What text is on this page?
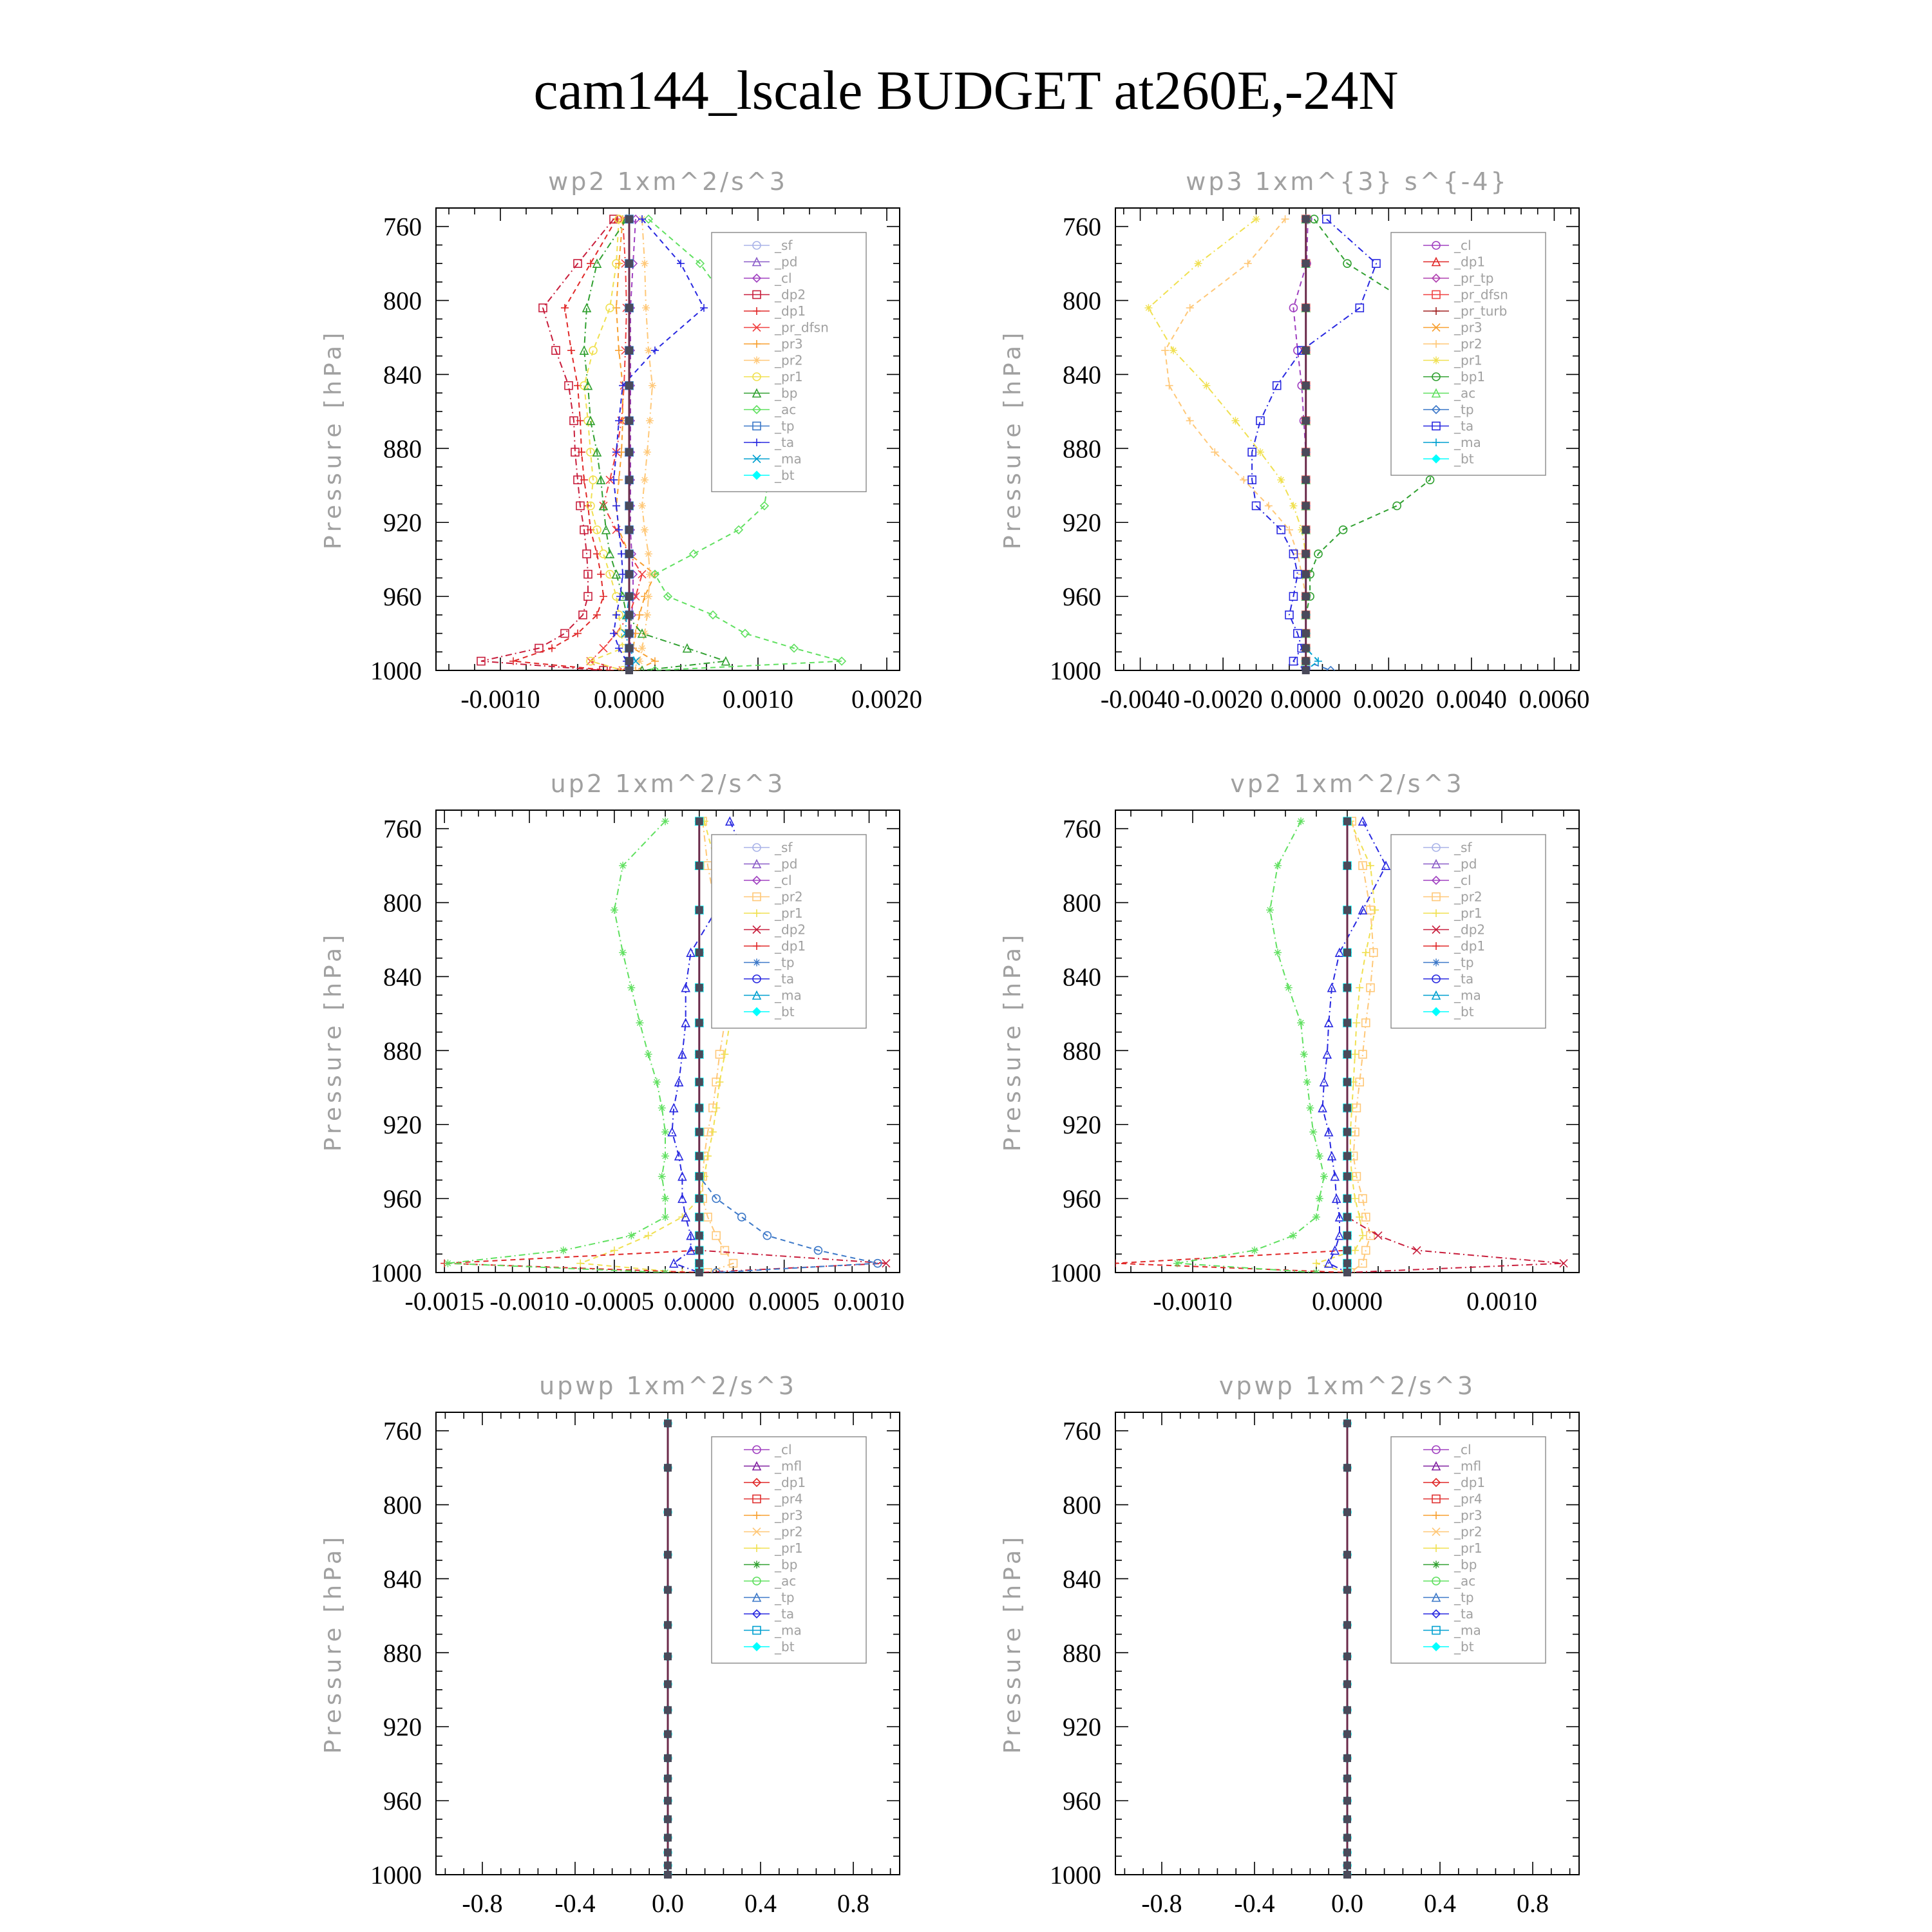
cam144_lscale BUDGET at260E,-24N
wp2 1xm^2/s^3
Pressure [hPa]
760
800
840
880
920
960
1000
-0.0010 0.0000 0.0010 0.0020
_sf
_pd
_cl
_dp2
_dp1
_pr_dfsn
_pr3
_pr2
_pr1
_bp
_ac
_tp
_ta
_ma
_bt
wp3 1xm^{3} s^{-4}
Pressure [hPa]
760
800
840
880
920
960
1000
-0.0040 -0.0020 0.0000 0.0020 0.0040 0.0060
_cl
_dp1
_pr_tp
_pr_dfsn
_pr_turb
_pr3
_pr2
_pr1
_bp1
_ac
_tp
_ta
_ma
_bt
up2 1xm^2/s^3
Pressure [hPa]
760
800
840
880
920
960
1000
-0.0015 -0.0010 -0.0005 0.0000 0.0005 0.0010
_sf
_pd
_cl
_pr2
_pr1
_dp2
_dp1
_tp
_ta
_ma
_bt
vp2 1xm^2/s^3
Pressure [hPa]
760
800
840
880
920
960
1000
-0.0010	0.0000	0.0010
_sf
_pd
_cl
_pr2
_pr1
_dp2
_dp1
_tp
_ta
_ma
_bt
upwp 1xm^2/s^3
Pressure [hPa]
760
800
840
880
920
960
1000
-0.8 -0.4 0.0 0.4 0.8
_cl
_mfl
_dp1
_pr4
_pr3
_pr2
_pr1
_bp
_ac
_tp
_ta
_ma
_bt
vpwp 1xm^2/s^3
Pressure [hPa]
760
800
840
880
920
960
1000
-0.8 -0.4 0.0 0.4 0.8
_cl
_mfl
_dp1
_pr4
_pr3
_pr2
_pr1
_bp
_ac
_tp
_ta
_ma
_bt
